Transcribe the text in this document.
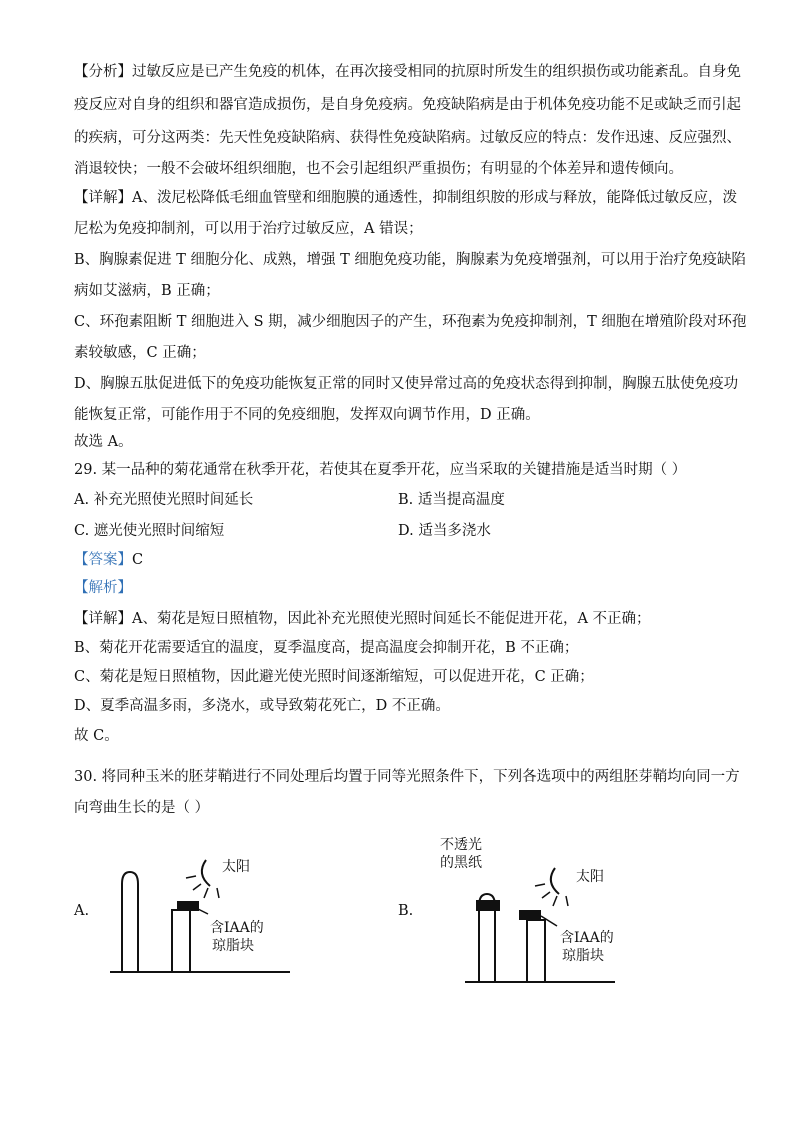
【分析】过敏反应是已产生免疫的机体，在再次接受相同的抗原时所发生的组织损伤或功能紊乱。自身免
疫反应对自身的组织和器官造成损伤，是自身免疫病。免疫缺陷病是由于机体免疫功能不足或缺乏而引起
的疾病，可分这两类：先天性免疫缺陷病、获得性免疫缺陷病。过敏反应的特点：发作迅速、反应强烈、
消退较快；一般不会破坏组织细胞，也不会引起组织严重损伤；有明显的个体差异和遗传倾向。
【详解】A、泼尼松降低毛细血管壁和细胞膜的通透性，抑制组织胺的形成与释放，能降低过敏反应，泼
尼松为免疫抑制剂，可以用于治疗过敏反应，A 错误；
B、胸腺素促进 T 细胞分化、成熟，增强 T 细胞免疫功能，胸腺素为免疫增强剂，可以用于治疗免疫缺陷
病如艾滋病，B 正确；
C、环孢素阻断 T 细胞进入 S 期，减少细胞因子的产生，环孢素为免疫抑制剂，T 细胞在增殖阶段对环孢
素较敏感，C 正确；
D、胸腺五肽促进低下的免疫功能恢复正常的同时又使异常过高的免疫状态得到抑制，胸腺五肽使免疫功
能恢复正常，可能作用于不同的免疫细胞，发挥双向调节作用，D 正确。
故选 A。
29. 某一品种的菊花通常在秋季开花，若使其在夏季开花，应当采取的关键措施是适当时期（ ）
A. 补充光照使光照时间延长	B. 适当提高温度
C. 遮光使光照时间缩短	D. 适当多浇水
【答案】C
【解析】
【详解】A、菊花是短日照植物，因此补充光照使光照时间延长不能促进开花，A 不正确；
B、菊花开花需要适宜的温度，夏季温度高，提高温度会抑制开花，B 不正确；
C、菊花是短日照植物，因此避光使光照时间逐渐缩短，可以促进开花，C 正确；
D、夏季高温多雨，多浇水，或导致菊花死亡，D 不正确。
故 C。
30. 将同种玉米的胚芽鞘进行不同处理后均置于同等光照条件下，下列各选项中的两组胚芽鞘均向同一方
向弯曲生长的是（ ）
A.
太阳
含IAA的
琼脂块
B.
不透光
的黑纸
太阳
含IAA的
琼脂块
